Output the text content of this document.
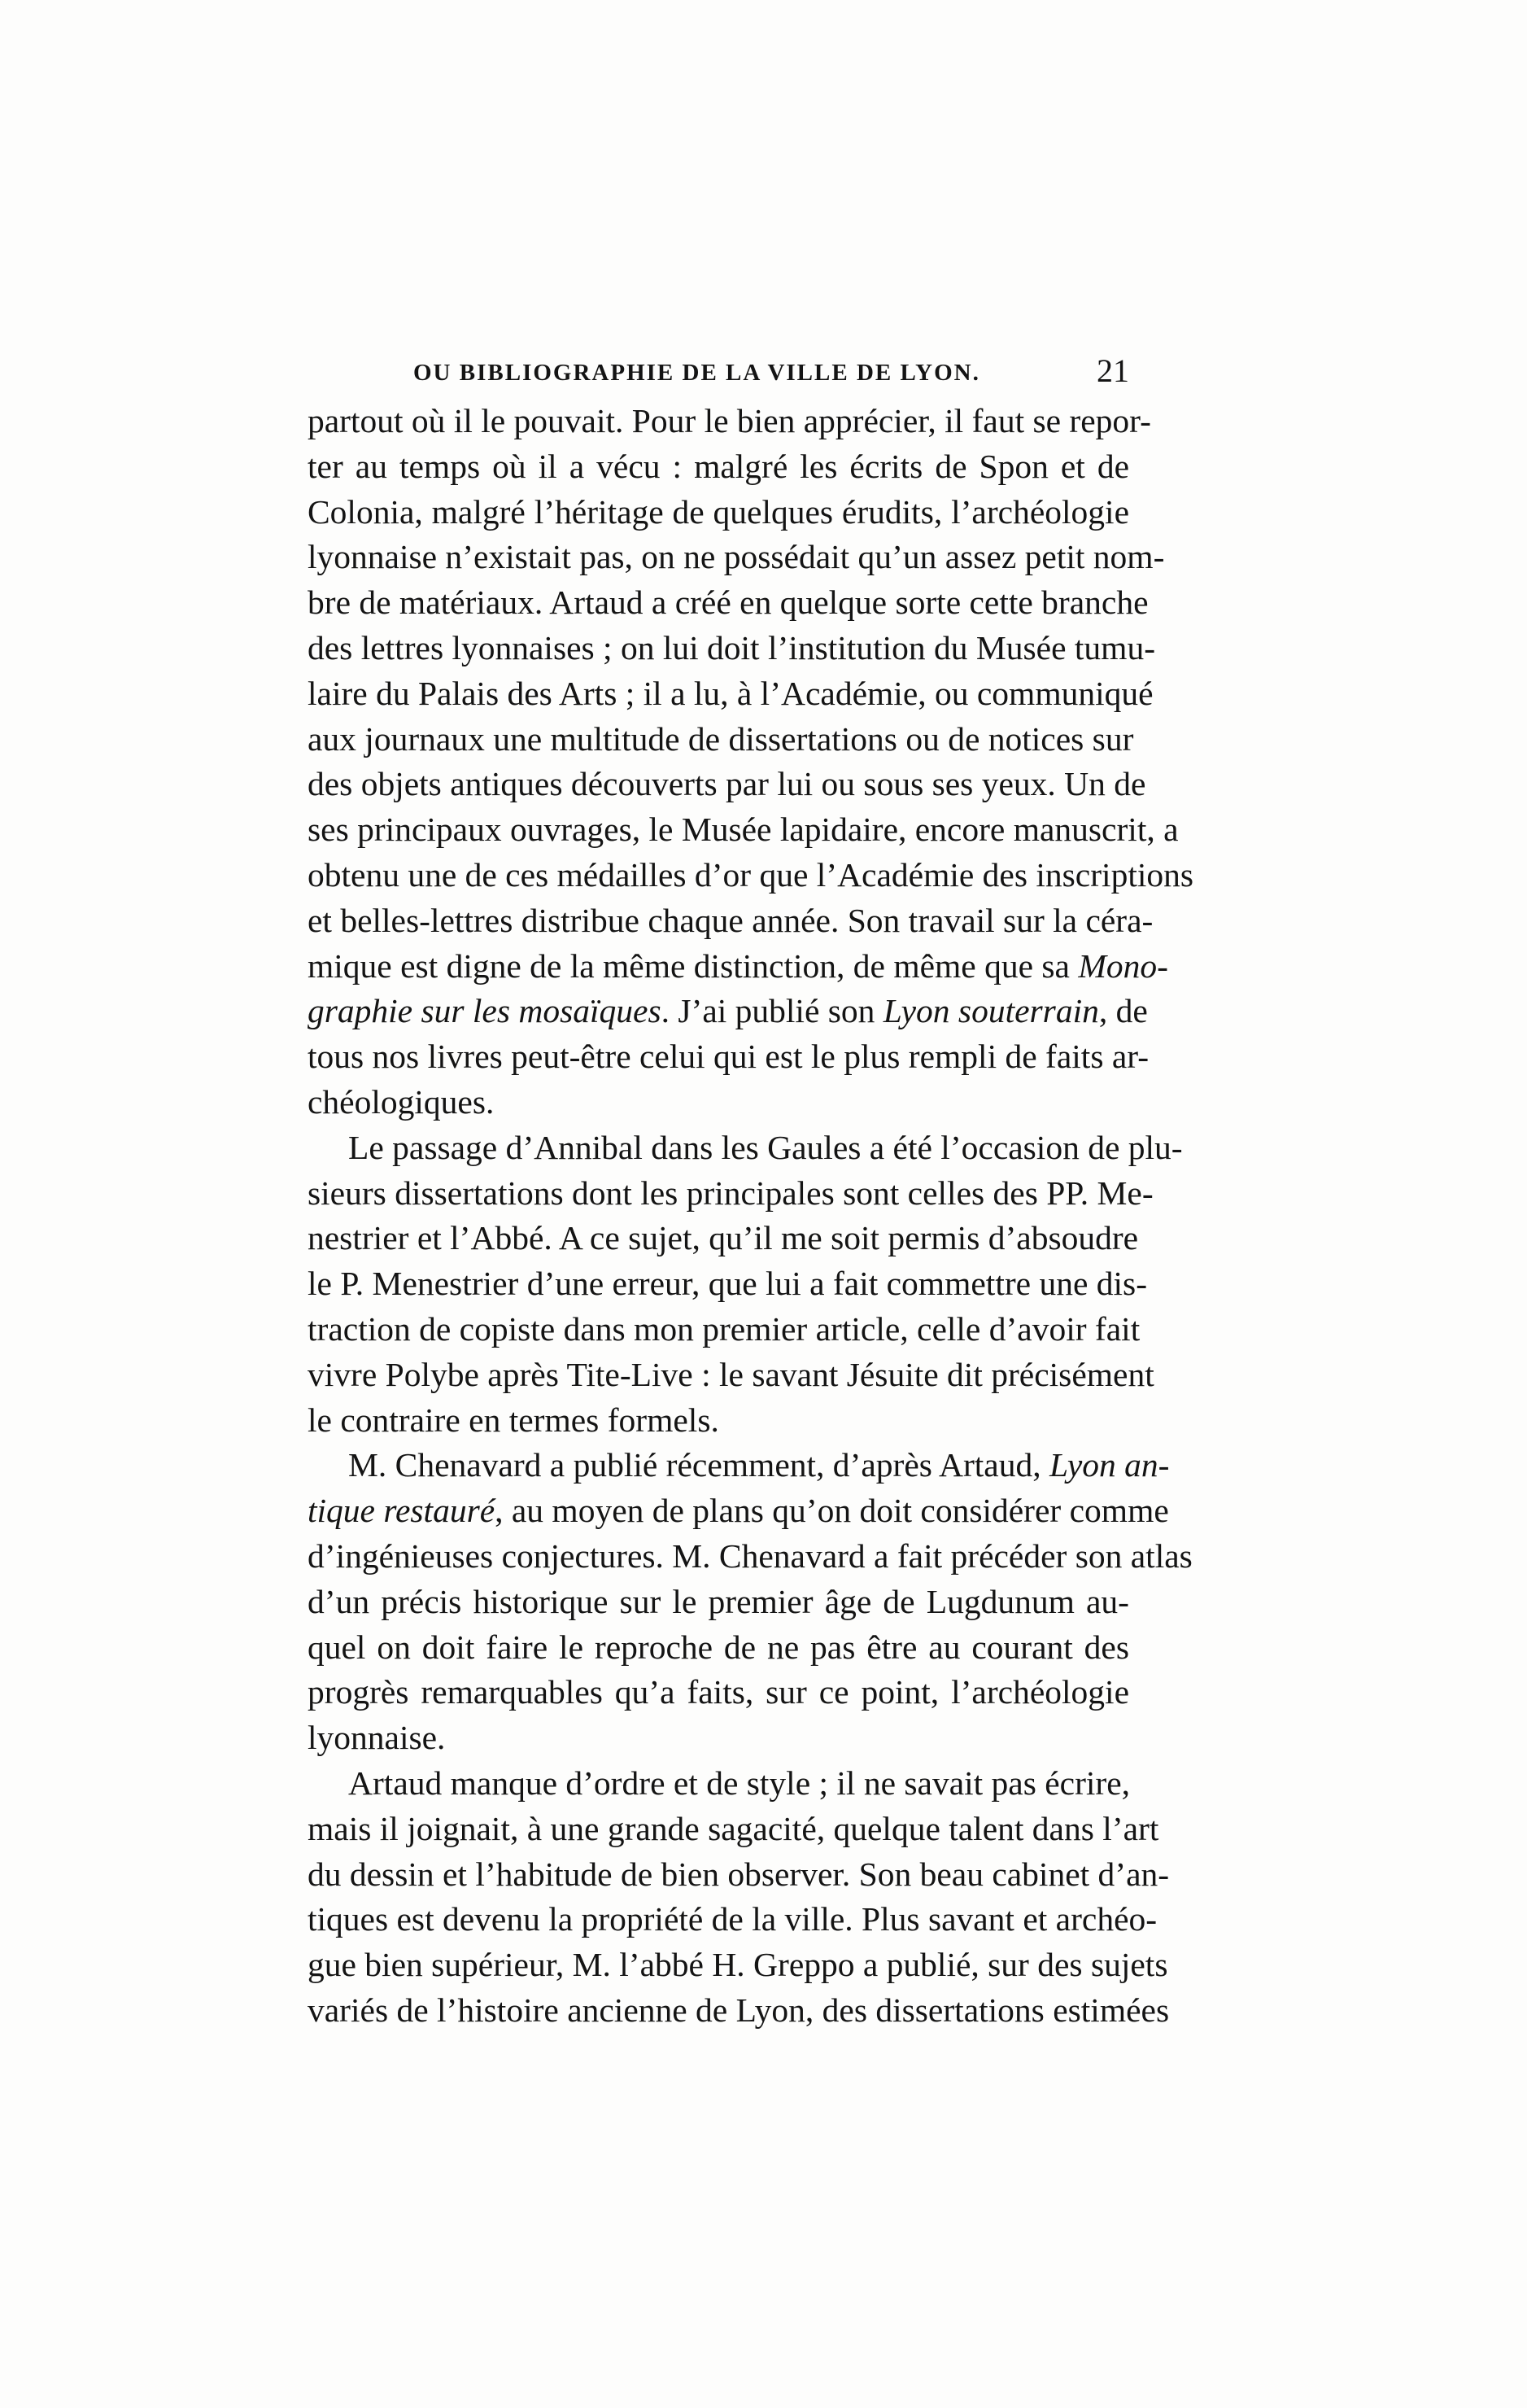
OU BIBLIOGRAPHIE DE LA VILLE DE LYON.	21
partout où il le pouvait. Pour le bien apprécier, il faut se repor-
ter au temps où il a vécu : malgré les écrits de Spon et de
Colonia, malgré l’héritage de quelques érudits, l’archéologie
lyonnaise n’existait pas, on ne possédait qu’un assez petit nom-
bre de matériaux. Artaud a créé en quelque sorte cette branche
des lettres lyonnaises ; on lui doit l’institution du Musée tumu-
laire du Palais des Arts ; il a lu, à l’Académie, ou communiqué
aux journaux une multitude de dissertations ou de notices sur
des objets antiques découverts par lui ou sous ses yeux. Un de
ses principaux ouvrages, le Musée lapidaire, encore manuscrit, a
obtenu une de ces médailles d’or que l’Académie des inscriptions
et belles-lettres distribue chaque année. Son travail sur la céra-
mique est digne de la même distinction, de même que sa Mono-
graphie sur les mosaïques. J’ai publié son Lyon souterrain, de
tous nos livres peut-être celui qui est le plus rempli de faits ar-
chéologiques.
Le passage d’Annibal dans les Gaules a été l’occasion de plu-
sieurs dissertations dont les principales sont celles des PP. Me-
nestrier et l’Abbé. A ce sujet, qu’il me soit permis d’absoudre
le P. Menestrier d’une erreur, que lui a fait commettre une dis-
traction de copiste dans mon premier article, celle d’avoir fait
vivre Polybe après Tite-Live : le savant Jésuite dit précisément
le contraire en termes formels.
M. Chenavard a publié récemment, d’après Artaud, Lyon an-
tique restauré, au moyen de plans qu’on doit considérer comme
d’ingénieuses conjectures. M. Chenavard a fait précéder son atlas
d’un précis historique sur le premier âge de Lugdunum au-
quel on doit faire le reproche de ne pas être au courant des
progrès remarquables qu’a faits, sur ce point, l’archéologie
lyonnaise.
Artaud manque d’ordre et de style ; il ne savait pas écrire,
mais il joignait, à une grande sagacité, quelque talent dans l’art
du dessin et l’habitude de bien observer. Son beau cabinet d’an-
tiques est devenu la propriété de la ville. Plus savant et archéo-
gue bien supérieur, M. l’abbé H. Greppo a publié, sur des sujets
variés de l’histoire ancienne de Lyon, des dissertations estimées
